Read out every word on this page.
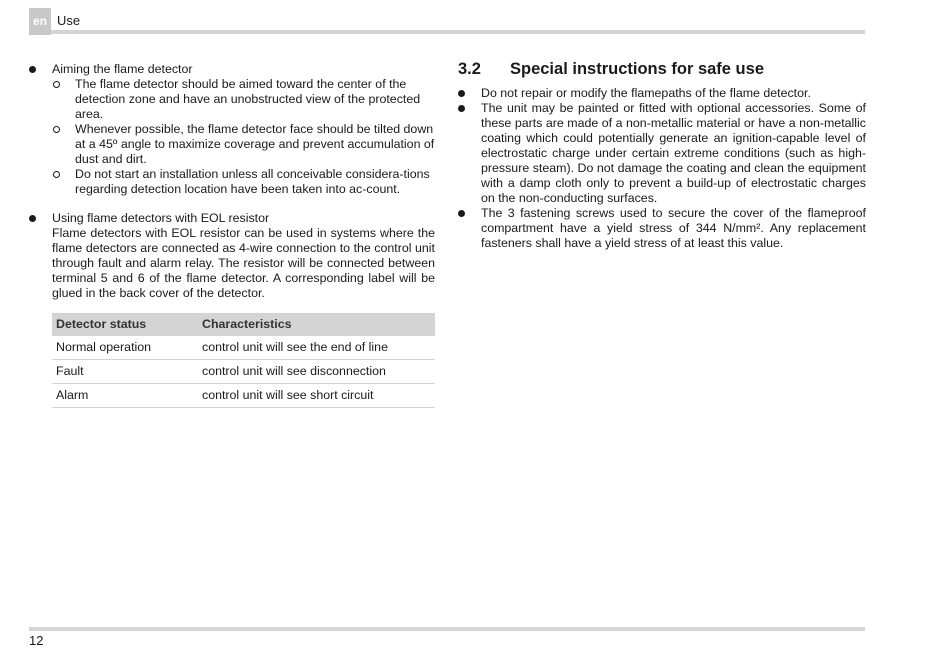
en Use
Aiming the flame detector
The flame detector should be aimed toward the center of the detection zone and have an unobstructed view of the protected area.
Whenever possible, the flame detector face should be tilted down at a 45º angle to maximize coverage and prevent accumulation of dust and dirt.
Do not start an installation unless all conceivable considera-tions regarding detection location have been taken into ac-count.
Using flame detectors with EOL resistor
Flame detectors with EOL resistor can be used in systems where the flame detectors are connected as 4-wire connection to the control unit through fault and alarm relay. The resistor will be connected between terminal 5 and 6 of the flame detector. A corresponding label will be glued in the back cover of the detector.
Detector status	Characteristics
Normal operation	control unit will see the end of line
Fault	control unit will see disconnection
Alarm	control unit will see short circuit
3.2 Special instructions for safe use
Do not repair or modify the flamepaths of the flame detector.
The unit may be painted or fitted with optional accessories. Some of these parts are made of a non-metallic material or have a non-metallic coating which could potentially generate an ignition-capable level of electrostatic charge under certain extreme conditions (such as high-pressure steam). Do not damage the coating and clean the equipment with a damp cloth only to prevent a build-up of electrostatic charges on the non-conducting surfaces.
The 3 fastening screws used to secure the cover of the flameproof compartment have a yield stress of 344 N/mm². Any replacement fasteners shall have a yield stress of at least this value.
12
